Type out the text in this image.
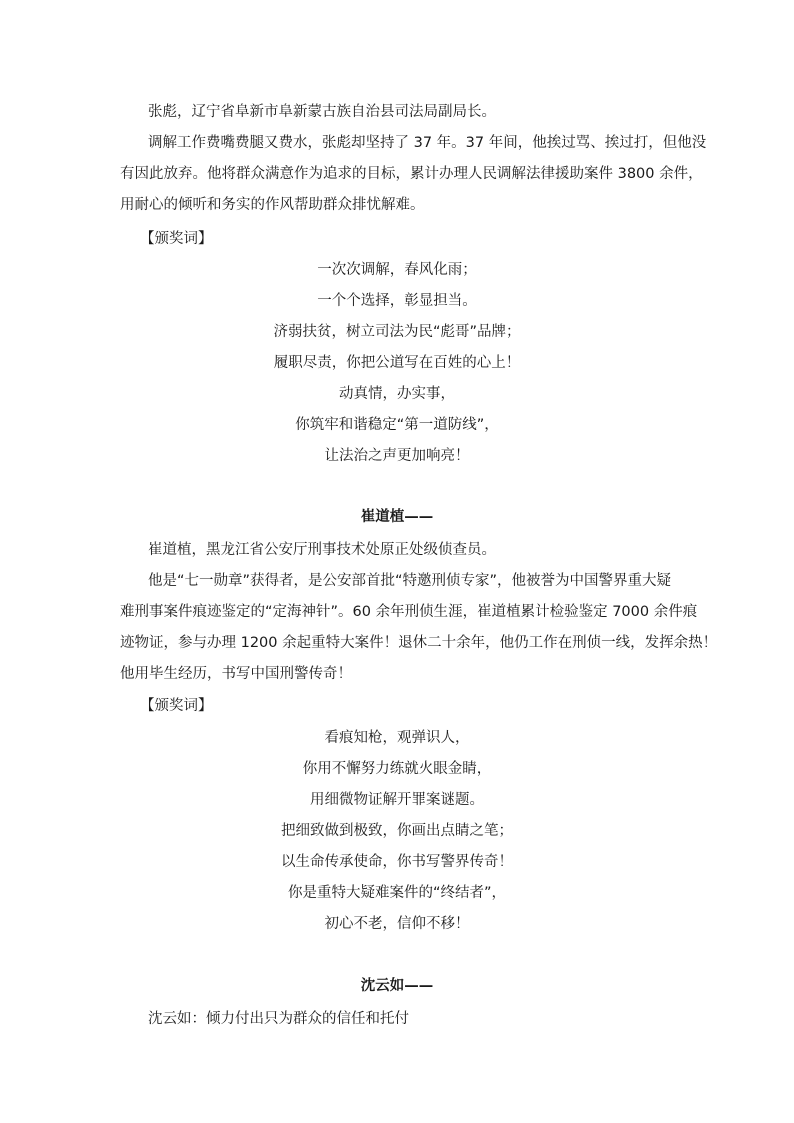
张彪，辽宁省阜新市阜新蒙古族自治县司法局副局长。
调解工作费嘴费腿又费水，张彪却坚持了 37 年。37 年间，他挨过骂、挨过打，但他没
有因此放弃。他将群众满意作为追求的目标，累计办理人民调解法律援助案件 3800 余件，
用耐心的倾听和务实的作风帮助群众排忧解难。
【颁奖词】
一次次调解，春风化雨；
一个个选择，彰显担当。
济弱扶贫，树立司法为民“彪哥”品牌；
履职尽责，你把公道写在百姓的心上！
动真情，办实事，
你筑牢和谐稳定“第一道防线”，
让法治之声更加响亮！
崔道植——
崔道植，黑龙江省公安厅刑事技术处原正处级侦查员。
他是“七一勋章”获得者，是公安部首批“特邀刑侦专家”，他被誉为中国警界重大疑
难刑事案件痕迹鉴定的“定海神针”。60 余年刑侦生涯，崔道植累计检验鉴定 7000 余件痕
迹物证，参与办理 1200 余起重特大案件！退休二十余年，他仍工作在刑侦一线，发挥余热！
他用毕生经历，书写中国刑警传奇！
【颁奖词】
看痕知枪，观弹识人，
你用不懈努力练就火眼金睛，
用细微物证解开罪案谜题。
把细致做到极致，你画出点睛之笔；
以生命传承使命，你书写警界传奇！
你是重特大疑难案件的“终结者”，
初心不老，信仰不移！
沈云如——
沈云如：倾力付出只为群众的信任和托付
